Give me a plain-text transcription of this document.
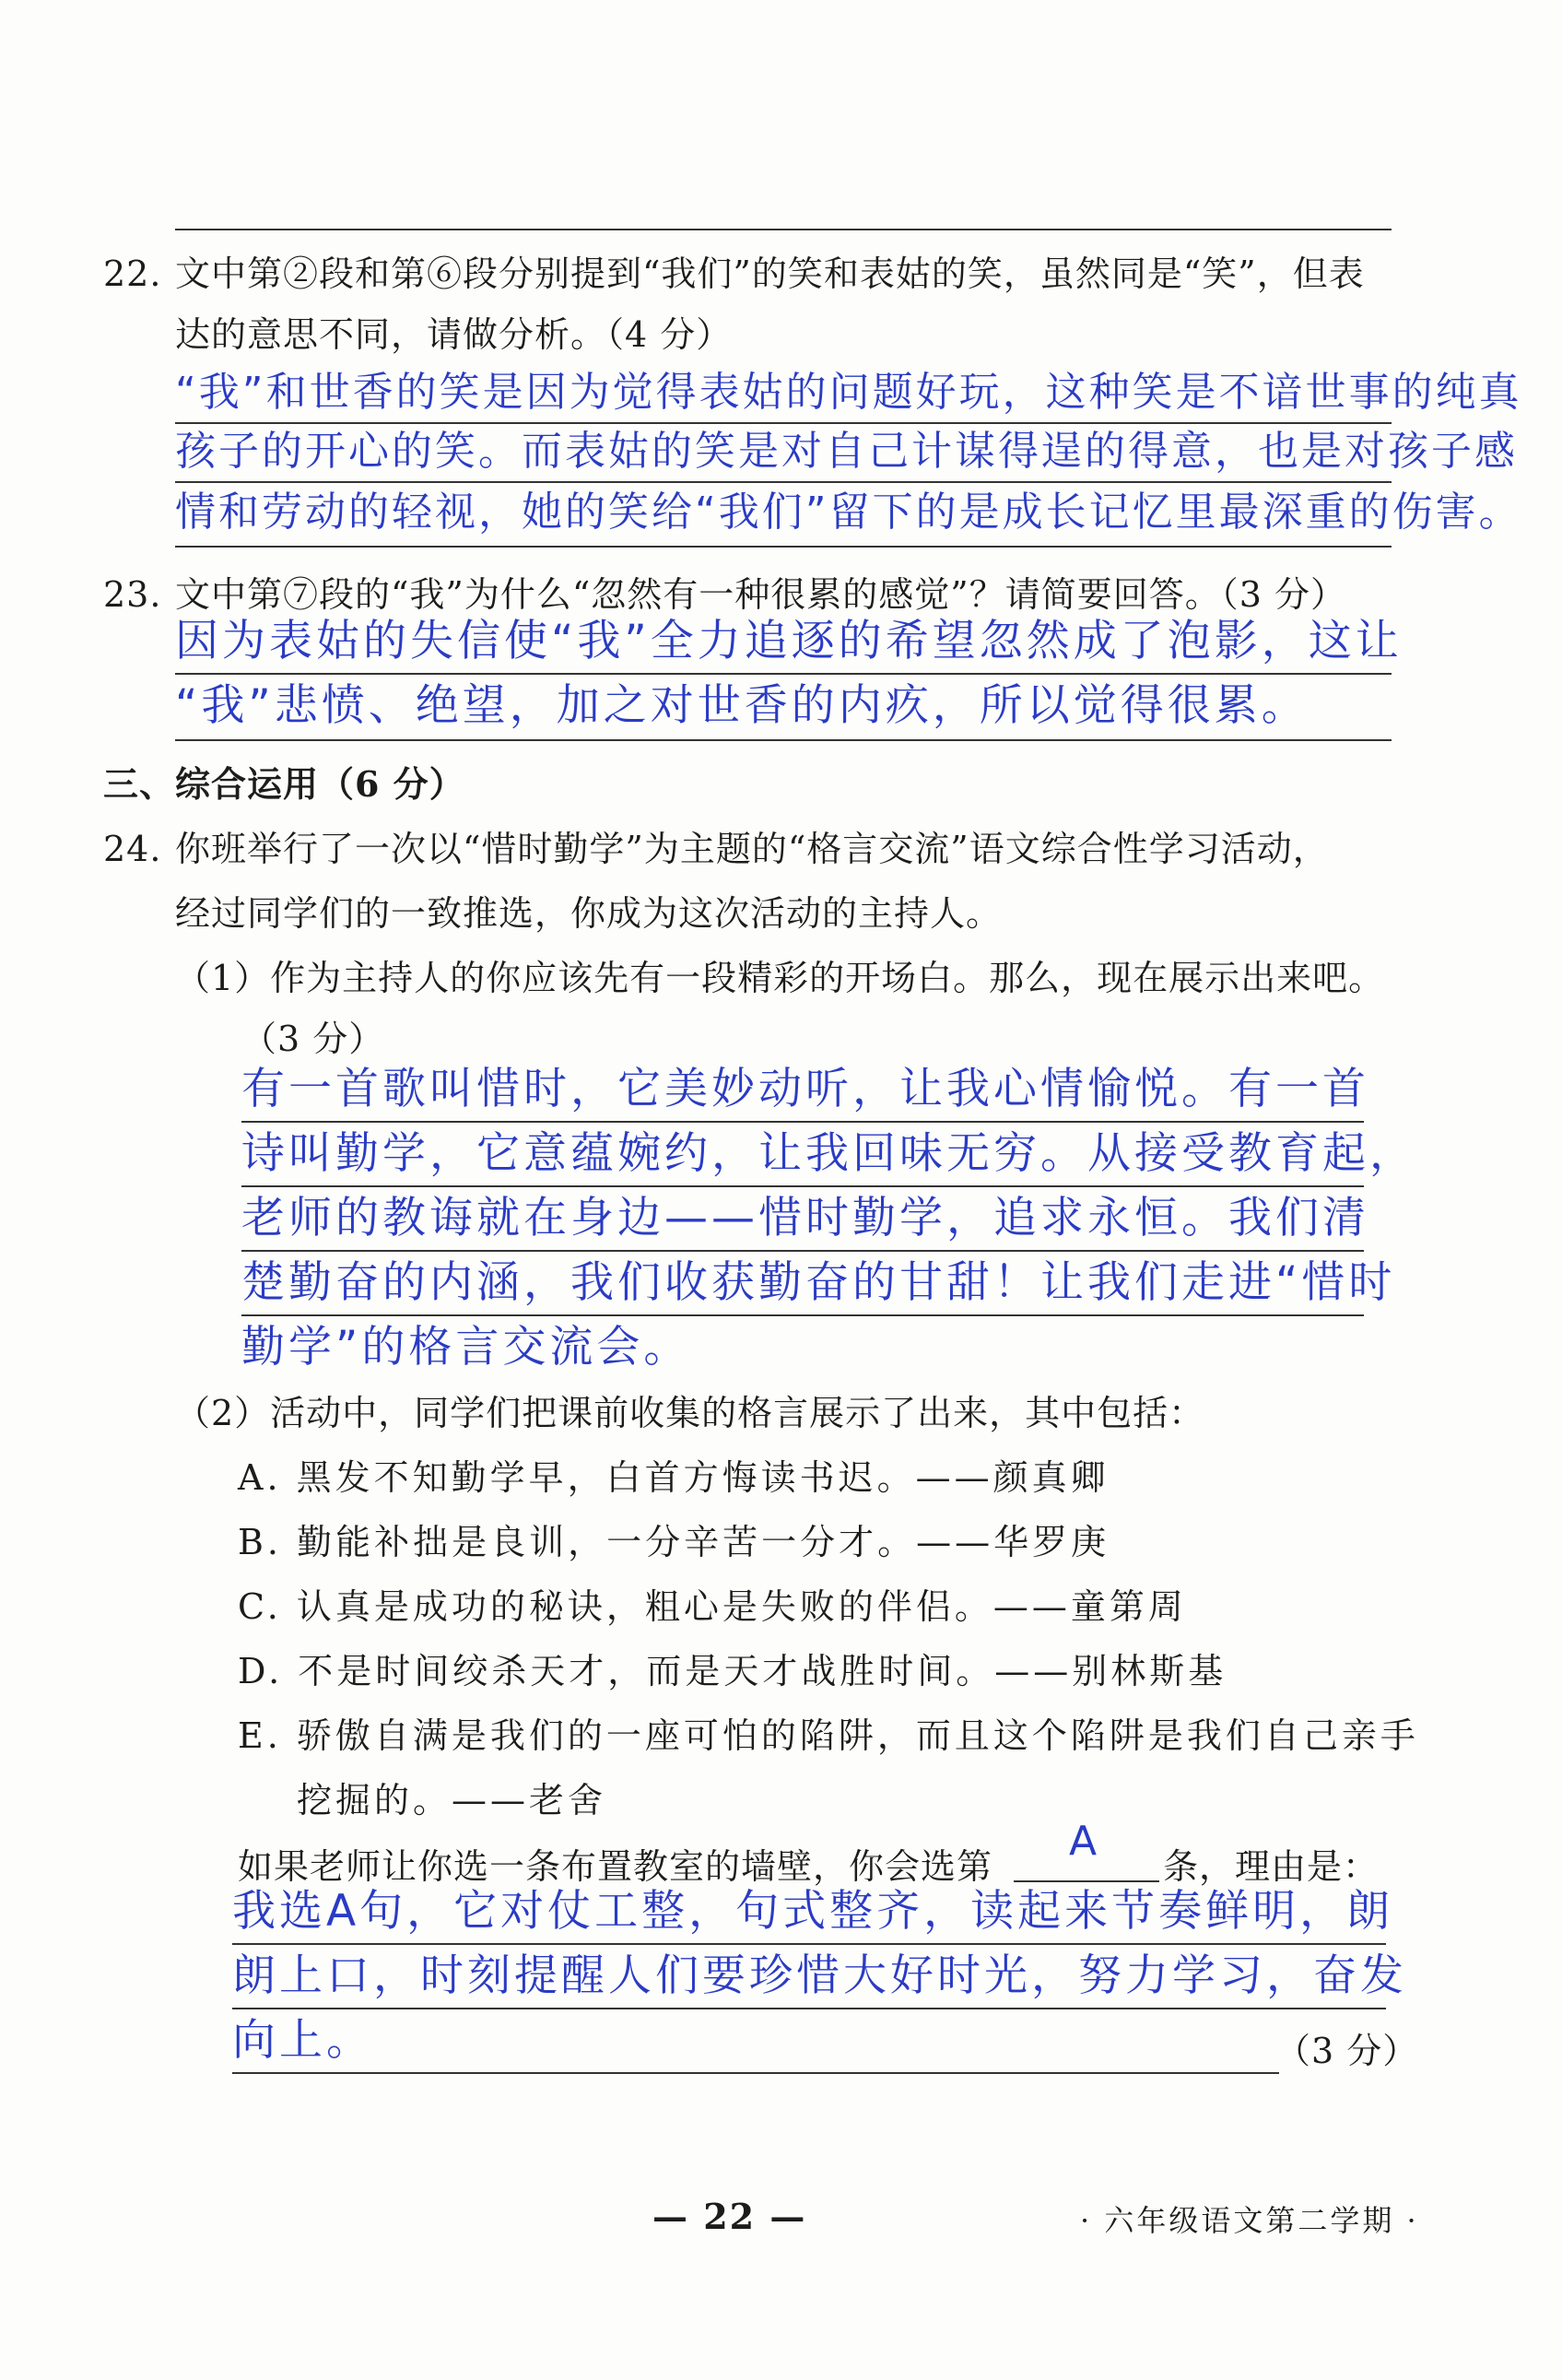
22. 文中第②段和第⑥段分别提到“我们”的笑和表姑的笑，虽然同是“笑”，但表
达的意思不同，请做分析。（4 分）
“我”和世香的笑是因为觉得表姑的问题好玩，这种笑是不谙世事的纯真
孩子的开心的笑。而表姑的笑是对自己计谋得逞的得意，也是对孩子感
情和劳动的轻视，她的笑给“我们”留下的是成长记忆里最深重的伤害。
23. 文中第⑦段的“我”为什么“忽然有一种很累的感觉”？请简要回答。（3 分）
因为表姑的失信使“我”全力追逐的希望忽然成了泡影，这让
“我”悲愤、绝望，加之对世香的内疚，所以觉得很累。
三、综合运用（6 分）
24. 你班举行了一次以“惜时勤学”为主题的“格言交流”语文综合性学习活动，
经过同学们的一致推选，你成为这次活动的主持人。
（1）作为主持人的你应该先有一段精彩的开场白。那么，现在展示出来吧。
（3 分）
有一首歌叫惜时，它美妙动听，让我心情愉悦。有一首
诗叫勤学，它意蕴婉约，让我回味无穷。从接受教育起，
老师的教诲就在身边——惜时勤学，追求永恒。我们清
楚勤奋的内涵，我们收获勤奋的甘甜！让我们走进“惜时
勤学”的格言交流会。
（2）活动中，同学们把课前收集的格言展示了出来，其中包括：
A. 黑发不知勤学早，白首方悔读书迟。——颜真卿
B. 勤能补拙是良训，一分辛苦一分才。——华罗庚
C. 认真是成功的秘诀，粗心是失败的伴侣。——童第周
D. 不是时间绞杀天才，而是天才战胜时间。——别林斯基
E. 骄傲自满是我们的一座可怕的陷阱，而且这个陷阱是我们自己亲手
挖掘的。——老舍
如果老师让你选一条布置教室的墙壁，你会选第
A
条，理由是：
我选A句，它对仗工整，句式整齐，读起来节奏鲜明，朗
朗上口，时刻提醒人们要珍惜大好时光，努力学习，奋发
向上。	（3 分）
— 22 —	· 六年级语文第二学期 ·
